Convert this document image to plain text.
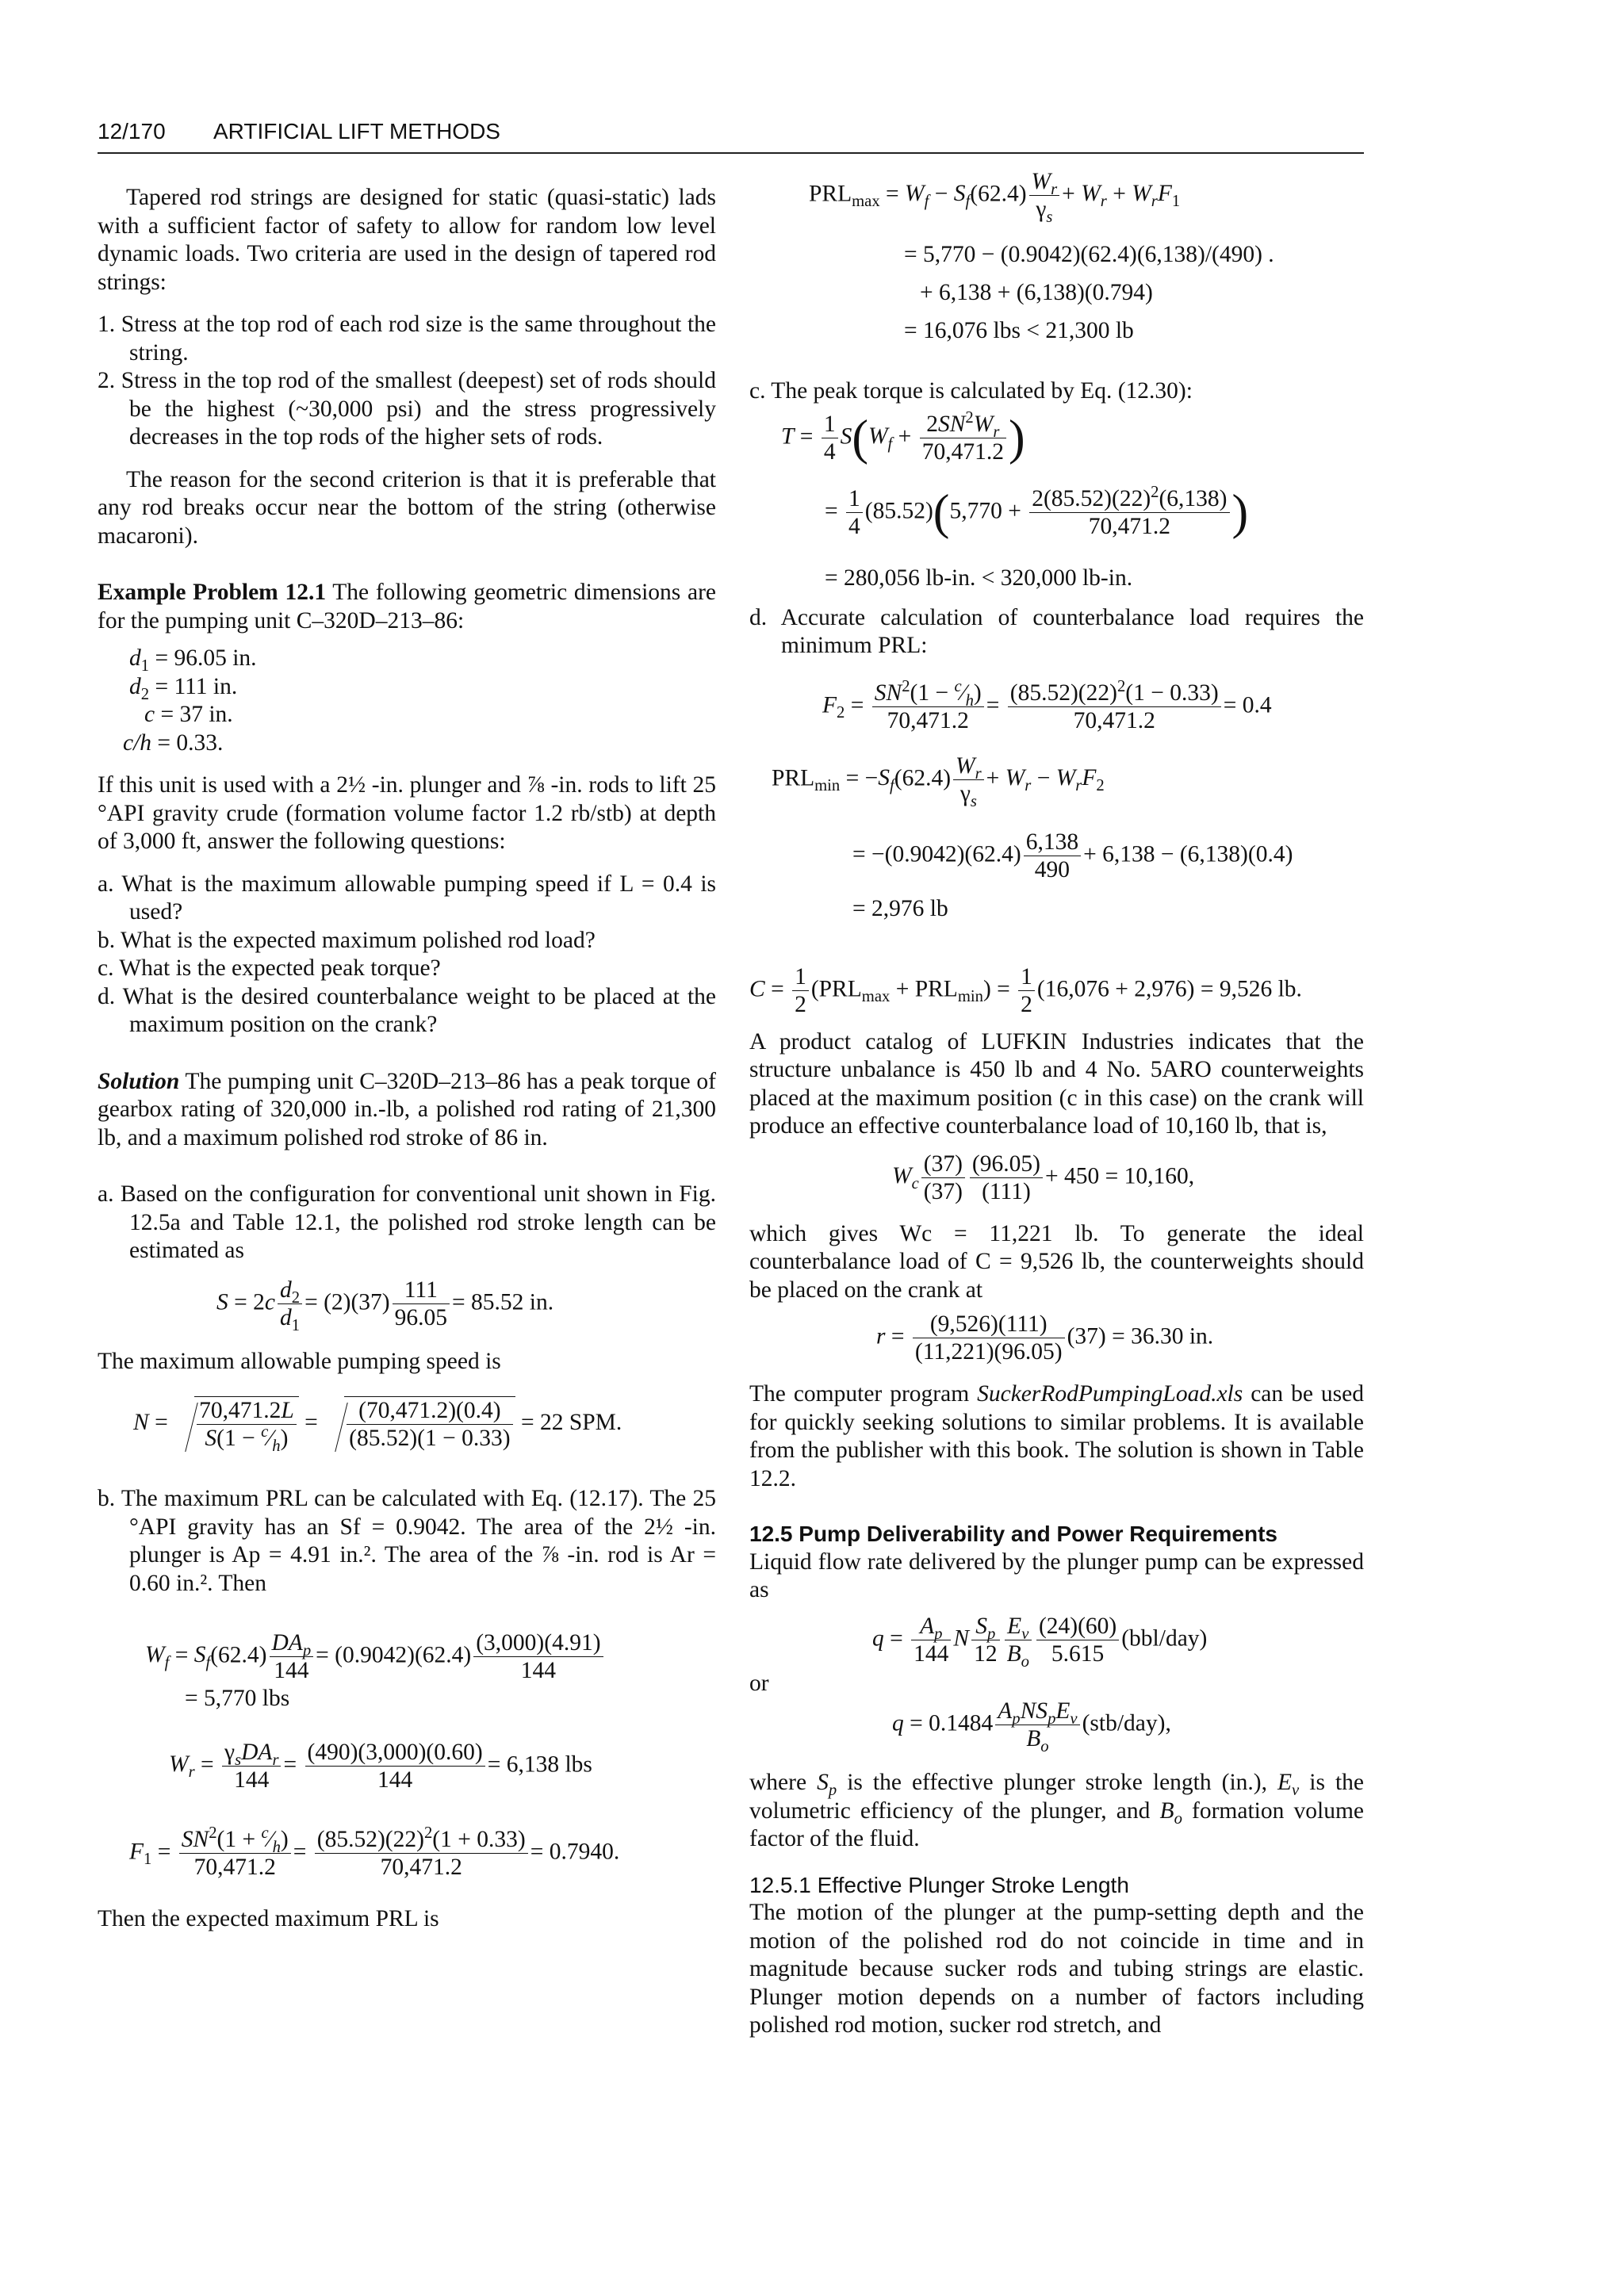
12/170 ARTIFICIAL LIFT METHODS

Tapered rod strings are designed for static (quasi-static) lads with a sufficient factor of safety to allow for random low level dynamic loads. Two criteria are used in the design of tapered rod strings:

1. Stress at the top rod of each rod size is the same throughout the string.
2. Stress in the top rod of the smallest (deepest) set of rods should be the highest (~30,000 psi) and the stress progressively decreases in the top rods of the higher sets of rods.

The reason for the second criterion is that it is preferable that any rod breaks occur near the bottom of the string (otherwise macaroni).

Example Problem 12.1 The following geometric dimensions are for the pumping unit C–320D–213–86:

$d_1 = 96.05$ in.
$d_2 = 111$ in.
c = 37 in.
c/h = 0.33.

If this unit is used with a 2½ -in. plunger and ⅞ -in. rods to lift 25 °API gravity crude (formation volume factor 1.2 rb/stb) at depth of 3,000 ft, answer the following questions:

a. What is the maximum allowable pumping speed if L = 0.4 is used?
b. What is the expected maximum polished rod load?
c. What is the expected peak torque?
d. What is the desired counterbalance weight to be placed at the maximum position on the crank?

Solution The pumping unit C–320D–213–86 has a peak torque of gearbox rating of 320,000 in.-lb, a polished rod rating of 21,300 lb, and a maximum polished rod stroke of 86 in.

a. Based on the configuration for conventional unit shown in Fig. 12.5a and Table 12.1, the polished rod stroke length can be estimated as
$S = 2c \frac{d_2}{d_1} = (2)(37) \frac{111}{96.05} = 85.52$ in.

The maximum allowable pumping speed is

$N = \frac{70,471.2L}{S(1 - ^c⁄_h)} = \frac{(70,471.2)(0.4)}{(85.52)(1 - 0.33)} = 22$ SPM.
b. The maximum PRL can be calculated with Eq. (12.17). The 25 °API gravity has an Sf = 0.9042. The area of the 2½ -in. plunger is Ap = 4.91 in.². The area of the ⅞ -in. rod is Ar = 0.60 in.². Then
$W_f = S_f(62.4) \frac{DA_p}{144} = (0.9042)(62.4) \frac{(3,000)(4.91)}{144}$
= 5,770 lbs
$W_r = \frac{\gamma_sDA_r}{144} = \frac{(490)(3,000)(0.60)}{144} = 6,138$ lbs
$F_1 = \frac{SN^2(1 + ^c⁄_h)}{70,471.2} = \frac{(85.52)(22)^2(1 + 0.33)}{70,471.2} = 0.7940$.

Then the expected maximum PRL is

$PRL_{max} = W_f - S_f(62.4) \frac{W_r}{\gamma_s} + W_r + W_rF_1$
= 5,770 − (0.9042)(62.4)(6,138)/(490) .
+ 6,138 + (6,138)(0.794)
= 16,076 lbs < 21,300 lb
c. The peak torque is calculated by Eq. (12.30):
$T = \frac{1}{4} S(W_f + \frac{2SN^2W_r}{70,471.2}$ )
= $\frac{1}{4} (85.52)(5,770 + \frac{2(85.52)(22)^2(6,138)}{70,471.2}$ )
= 280,056 lb-in. < 320,000 lb-in.
d. Accurate calculation of counterbalance load requires the minimum PRL:
$F_2 = \frac{SN^2(1 - ^c⁄_h)}{70,471.2} = \frac{(85.52)(22)^2(1 - 0.33)}{70,471.2} = 0.4$
$PRL_{min} = -S_f(62.4) \frac{W_r}{\gamma_s} + W_r - W_rF_2$
= $-(0.9042)(62.4) \frac{6,138}{490} + 6,138 - (6,138)(0.4)$
= 2,976 lb
$C = \frac{1}{2} (PRL_{max} + PRL_{min}) = \frac{1}{2} (16,076 + 2,976) = 9,526$ lb.

A product catalog of LUFKIN Industries indicates that the structure unbalance is 450 lb and 4 No. 5ARO counterweights placed at the maximum position (c in this case) on the crank will produce an effective counterbalance load of 10,160 lb, that is,

$W_c \frac{(37)}{(37)} \frac{(96.05)}{(111)} + 450 = 10,160$,

which gives Wc = 11,221 lb. To generate the ideal counterbalance load of C = 9,526 lb, the counterweights should be placed on the crank at

$r = \frac{(9,526)(111)}{(11,221)(96.05)} (37) = 36.30$ in.

The computer program SuckerRodPumpingLoad.xls can be used for quickly seeking solutions to similar problems. It is available from the publisher with this book. The solution is shown in Table 12.2.

12.5 Pump Deliverability and Power Requirements

Liquid flow rate delivered by the plunger pump can be expressed as

$q = \frac{A_p}{144}$ N $\frac{S_p}{12} \frac{E_v}{B_o} \frac{(24)(60)}{5.615} (bbl/day)$

or

$q = 0.1484 \frac{A_pNS_pE_v}{B_o} (stb/day)$,

where $S_p$ is the effective plunger stroke length (in.), $E_v$ is the volumetric efficiency of the plunger, and $B_o$ formation volume factor of the fluid.

12.5.1 Effective Plunger Stroke Length

The motion of the plunger at the pump-setting depth and the motion of the polished rod do not coincide in time and in magnitude because sucker rods and tubing strings are elastic. Plunger motion depends on a number of factors including polished rod motion, sucker rod stretch, and
